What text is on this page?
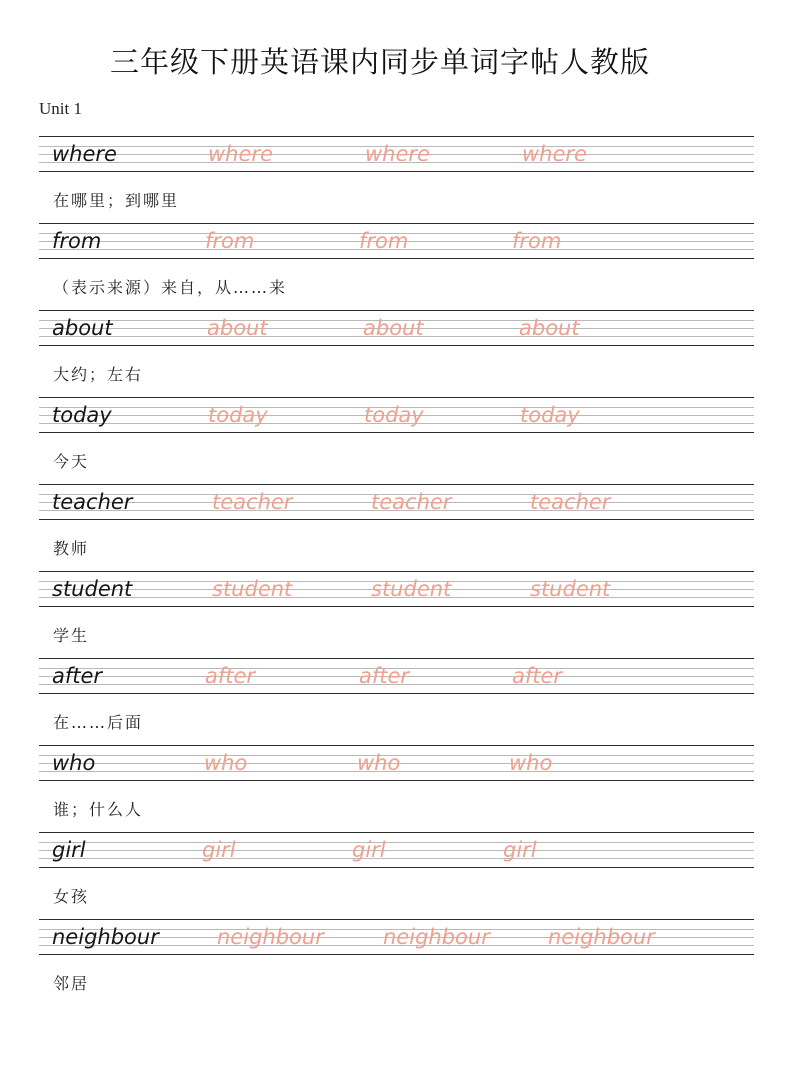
三年级下册英语课内同步单词字帖人教版
Unit 1
where	where	where	where
在哪里；到哪里
from	from	from	from
（表示来源）来自，从……来
about	about	about	about
大约；左右
today	today	today	today
今天
teacher	teacher	teacher	teacher
教师
student	student	student	student
学生
after	after	after	after
在……后面
who	who	who	who
谁；什么人
girl	girl	girl	girl
女孩
neighbour	neighbour	neighbour	neighbour
邻居
